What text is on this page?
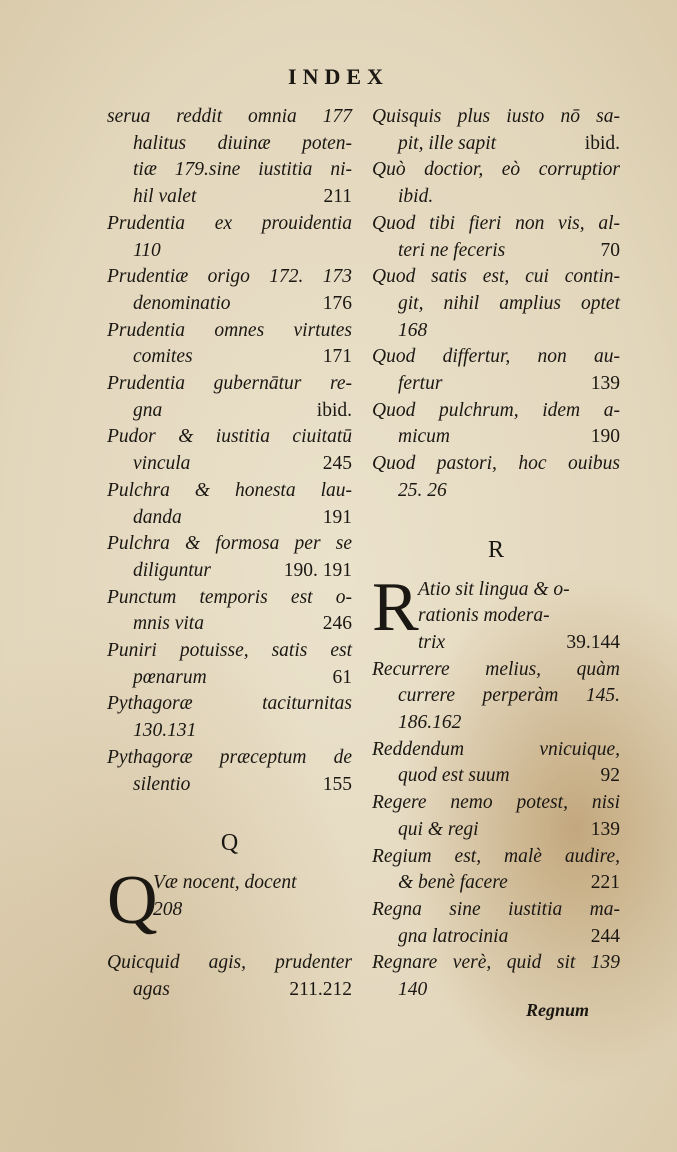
INDEX
serua reddit omnia 177
halitus diuinæ poten-
tiæ 179.sine iustitia ni-
hil valet	211
Prudentia ex prouidentia
110
Prudentiæ origo 172. 173
denominatio	176
Prudentia omnes virtutes
comites	171
Prudentia gubernātur re-
gna	ibid.
Pudor & iustitia ciuitatū
vincula	245
Pulchra & honesta lau-
danda	191
Pulchra & formosa per se
diliguntur	190. 191
Punctum temporis est o-
mnis vita	246
Puniri potuisse, satis est
pœnarum	61
Pythagoræ taciturnitas
130.131
Pythagoræ præceptum de
silentio	155
Q
Q
Væ nocent, docent
208
Quicquid agis, prudenter
agas	211.212
Quisquis plus iusto nō sa-
pit, ille sapit	ibid.
Quò doctior, eò corruptior
ibid.
Quod tibi fieri non vis, al-
teri ne feceris	70
Quod satis est, cui contin-
git, nihil amplius optet
168
Quod differtur, non au-
fertur	139
Quod pulchrum, idem a-
micum	190
Quod pastori, hoc ouibus
25. 26
R
R Atio sit lingua & o-
rationis modera-
trix	39.144
Recurrere melius, quàm
currere perperàm 145.
186.162
Reddendum vnicuique,
quod est suum	92
Regere nemo potest, nisi
qui & regi	139
Regium est, malè audire,
& benè facere	221
Regna sine iustitia ma-
gna latrocinia	244
Regnare verè, quid sit 139
140
Regnum
